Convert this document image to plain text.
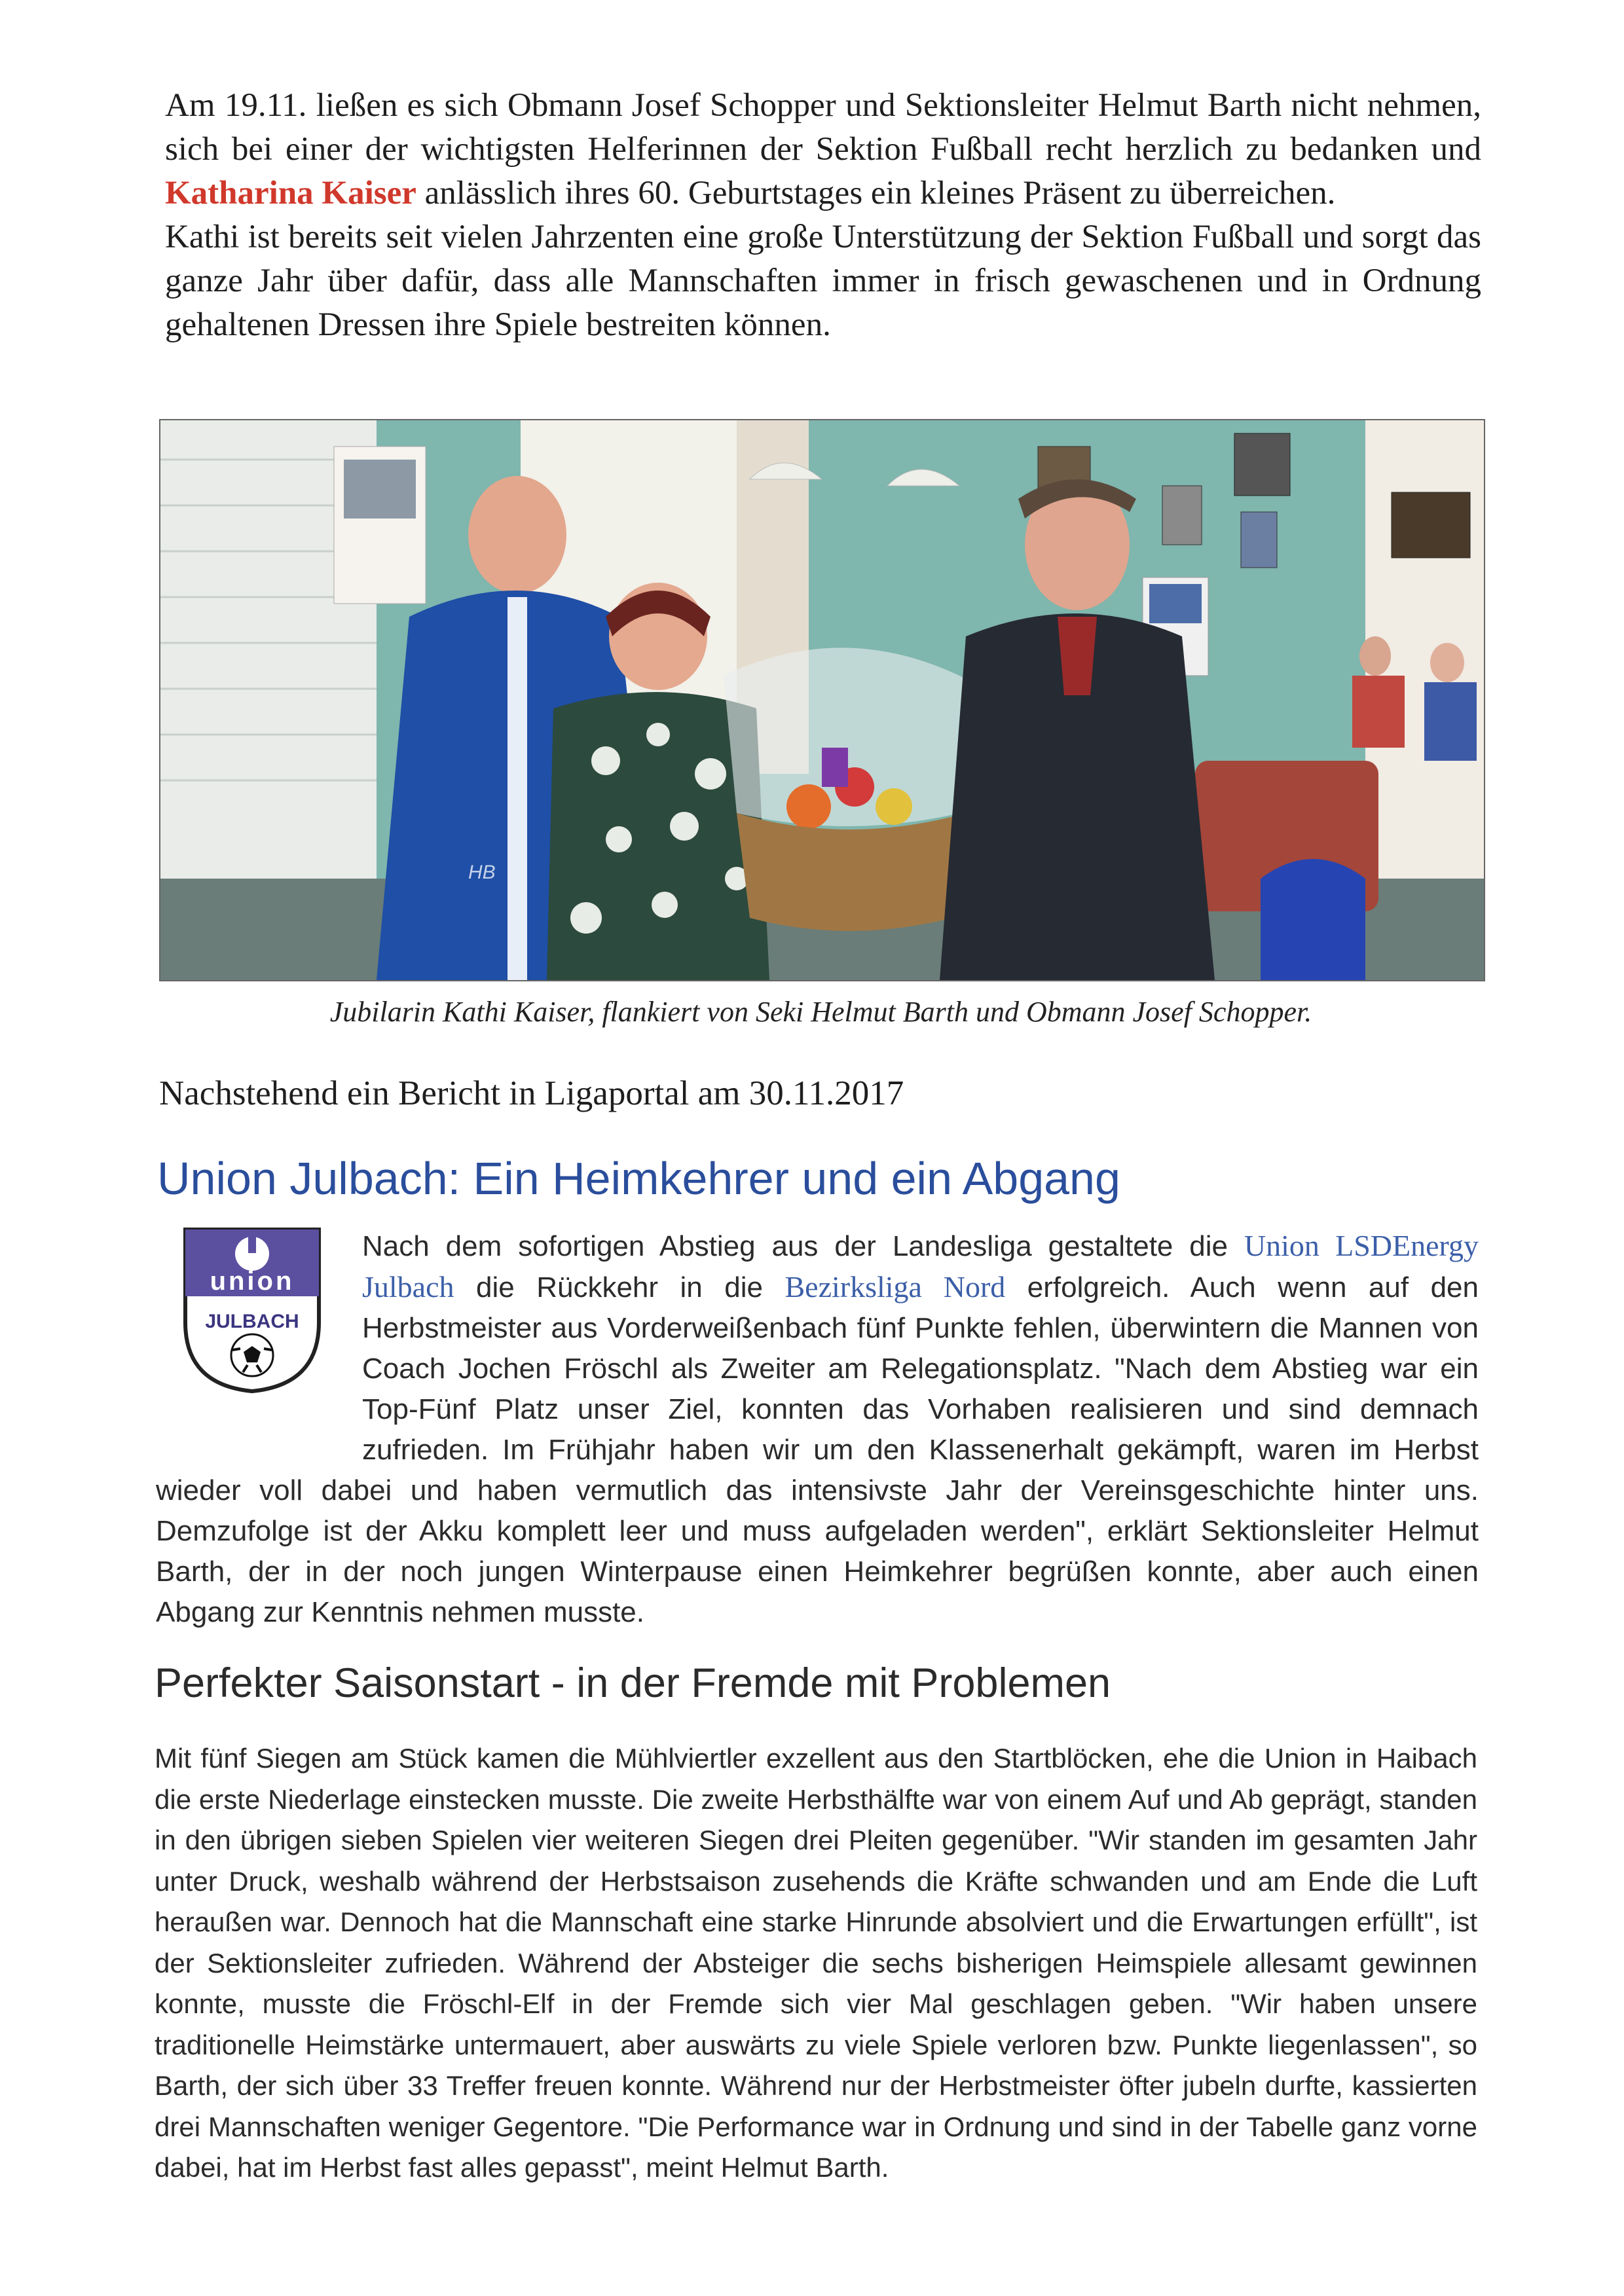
Am 19.11. ließen es sich Obmann Josef Schopper und Sektionsleiter Helmut Barth nicht nehmen, sich bei einer der wichtigsten Helferinnen der Sektion Fußball recht herzlich zu bedanken und Katharina Kaiser anlässlich ihres 60. Geburtstages ein kleines Präsent zu überreichen.

Kathi ist bereits seit vielen Jahrzenten eine große Unterstützung der Sektion Fußball und sorgt das ganze Jahr über dafür, dass alle Mannschaften immer in frisch gewaschenen und in Ordnung gehaltenen Dressen ihre Spiele bestreiten können.

HB
Jubilarin Kathi Kaiser, flankiert von Seki Helmut Barth und Obmann Josef Schopper.
Nachstehend ein Bericht in Ligaportal am 30.11.2017
Union Julbach: Ein Heimkehrer und ein Abgang
union
JULBACH

Nach dem sofortigen Abstieg aus der Landesliga gestaltete die Union LSDEnergy Julbach die Rückkehr in die Bezirksliga Nord erfolgreich. Auch wenn auf den Herbstmeister aus Vorderweißenbach fünf Punkte fehlen, überwintern die Mannen von Coach Jochen Fröschl als Zweiter am Relegationsplatz. "Nach dem Abstieg war ein Top-Fünf Platz unser Ziel, konnten das Vorhaben realisieren und sind demnach zufrieden. Im Frühjahr haben wir um den Klassenerhalt gekämpft, waren im Herbst wieder voll dabei und haben vermutlich das intensivste Jahr der Vereinsgeschichte hinter uns. Demzufolge ist der Akku komplett leer und muss aufgeladen werden", erklärt Sektionsleiter Helmut Barth, der in der noch jungen Winterpause einen Heimkehrer begrüßen konnte, aber auch einen Abgang zur Kenntnis nehmen musste.

Perfekter Saisonstart - in der Fremde mit Problemen

Mit fünf Siegen am Stück kamen die Mühlviertler exzellent aus den Startblöcken, ehe die Union in Haibach die erste Niederlage einstecken musste. Die zweite Herbsthälfte war von einem Auf und Ab geprägt, standen in den übrigen sieben Spielen vier weiteren Siegen drei Pleiten gegenüber. "Wir standen im gesamten Jahr unter Druck, weshalb während der Herbstsaison zusehends die Kräfte schwanden und am Ende die Luft heraußen war. Dennoch hat die Mannschaft eine starke Hinrunde absolviert und die Erwartungen erfüllt", ist der Sektionsleiter zufrieden. Während der Absteiger die sechs bisherigen Heimspiele allesamt gewinnen konnte, musste die Fröschl-Elf in der Fremde sich vier Mal geschlagen geben. "Wir haben unsere traditionelle Heimstärke untermauert, aber auswärts zu viele Spiele verloren bzw. Punkte liegenlassen", so Barth, der sich über 33 Treffer freuen konnte. Während nur der Herbstmeister öfter jubeln durfte, kassierten drei Mannschaften weniger Gegentore. "Die Performance war in Ordnung und sind in der Tabelle ganz vorne dabei, hat im Herbst fast alles gepasst", meint Helmut Barth.
